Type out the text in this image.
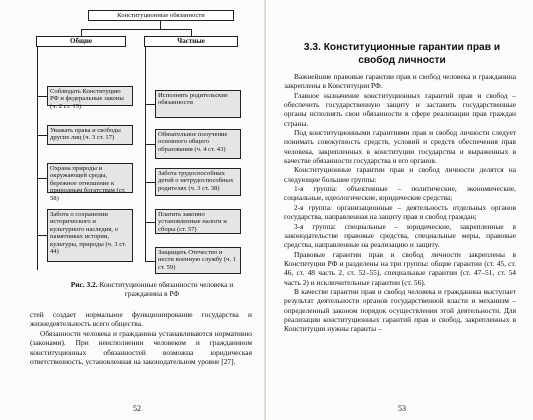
Конституционные обязанности
Общие	Частные
Соблюдать Конституцию РФ и федеральные законы (ч. 2 ст. 15)
Уважать права и свободы других лиц (ч. 3 ст. 17)
Охрана природы и окружающей среды, бережное отношение к природным богатствам (ст. 58)
Забота о сохранении исторического и культурного наследия, о памятниках истории, культуры, природы (ч. 3 ст. 44)
Исполнять родительские обязанности
Обязательное получение основного общего образования (ч. 4 ст. 43)
Забота трудоспособных детей о нетрудоспособных родителях (ч. 3 ст. 38)
Платить законно установленные налоги и сборы (ст. 57)
Защищать Отечество и нести военную службу (ч. 1 ст. 59)
Рис. 3.2. Конституционные обязанности человека и гражданина в РФ

стей создает нормальное функционирование государства и жизнедеятельность всего общества.

Обязанности человека и гражданина устанавливаются нормативно (законами). При неисполнении человеком и гражданином конституционных обязанностей возможна юридическая ответственность, установленная на законодательном уровне [27].

52
3.3. Конституционные гарантии прав и свобод личности

Важнейшие правовые гарантии прав и свобод человека и гражданина закреплены в Конституции РФ.

Главное назначение конституционных гарантий прав и свобод – обеспечить государственную защиту и заставить государственные органы исполнять свои обязанности в сфере реализации прав граждан страны.

Под конституционными гарантиями прав и свобод личности следует понимать совокупность средств, условий и средств обеспечения прав человека, закрепленных в конституции государства и выраженных в качестве обязанности государства и его органов.

Конституционные гарантии прав и свобод личности делятся на следующие большие группы:

1-я группа: объективные – политические, экономические, социальные, идеологические, юридические средства;

2-я группа: организационные – деятельность отдельных органов государства, направленная на защиту прав и свобод граждан;

3-я группа: специальные – юридические, закрепленные в законодательстве правовые средства, специальные меры, правовые средства, направленные на реализацию и защиту.

Правовые гарантии прав и свобод личности закреплены в Конституции РФ и разделены на три группы: общие гарантии (ст. 45, ст. 46, ст. 48 часть 2, ст. 52–55), специальные гарантии (ст. 47–51, ст. 54 часть 2) и исключительные гарантии (ст. 56).

В качестве гарантии прав и свобод человека и гражданина выступает результат деятельности органов государственной власти и механизм – определенный законом порядок осуществления этой деятельности. Для реализации конституционных гарантий прав и свобод, закрепленных в Конституции нужны гаранты –

53
